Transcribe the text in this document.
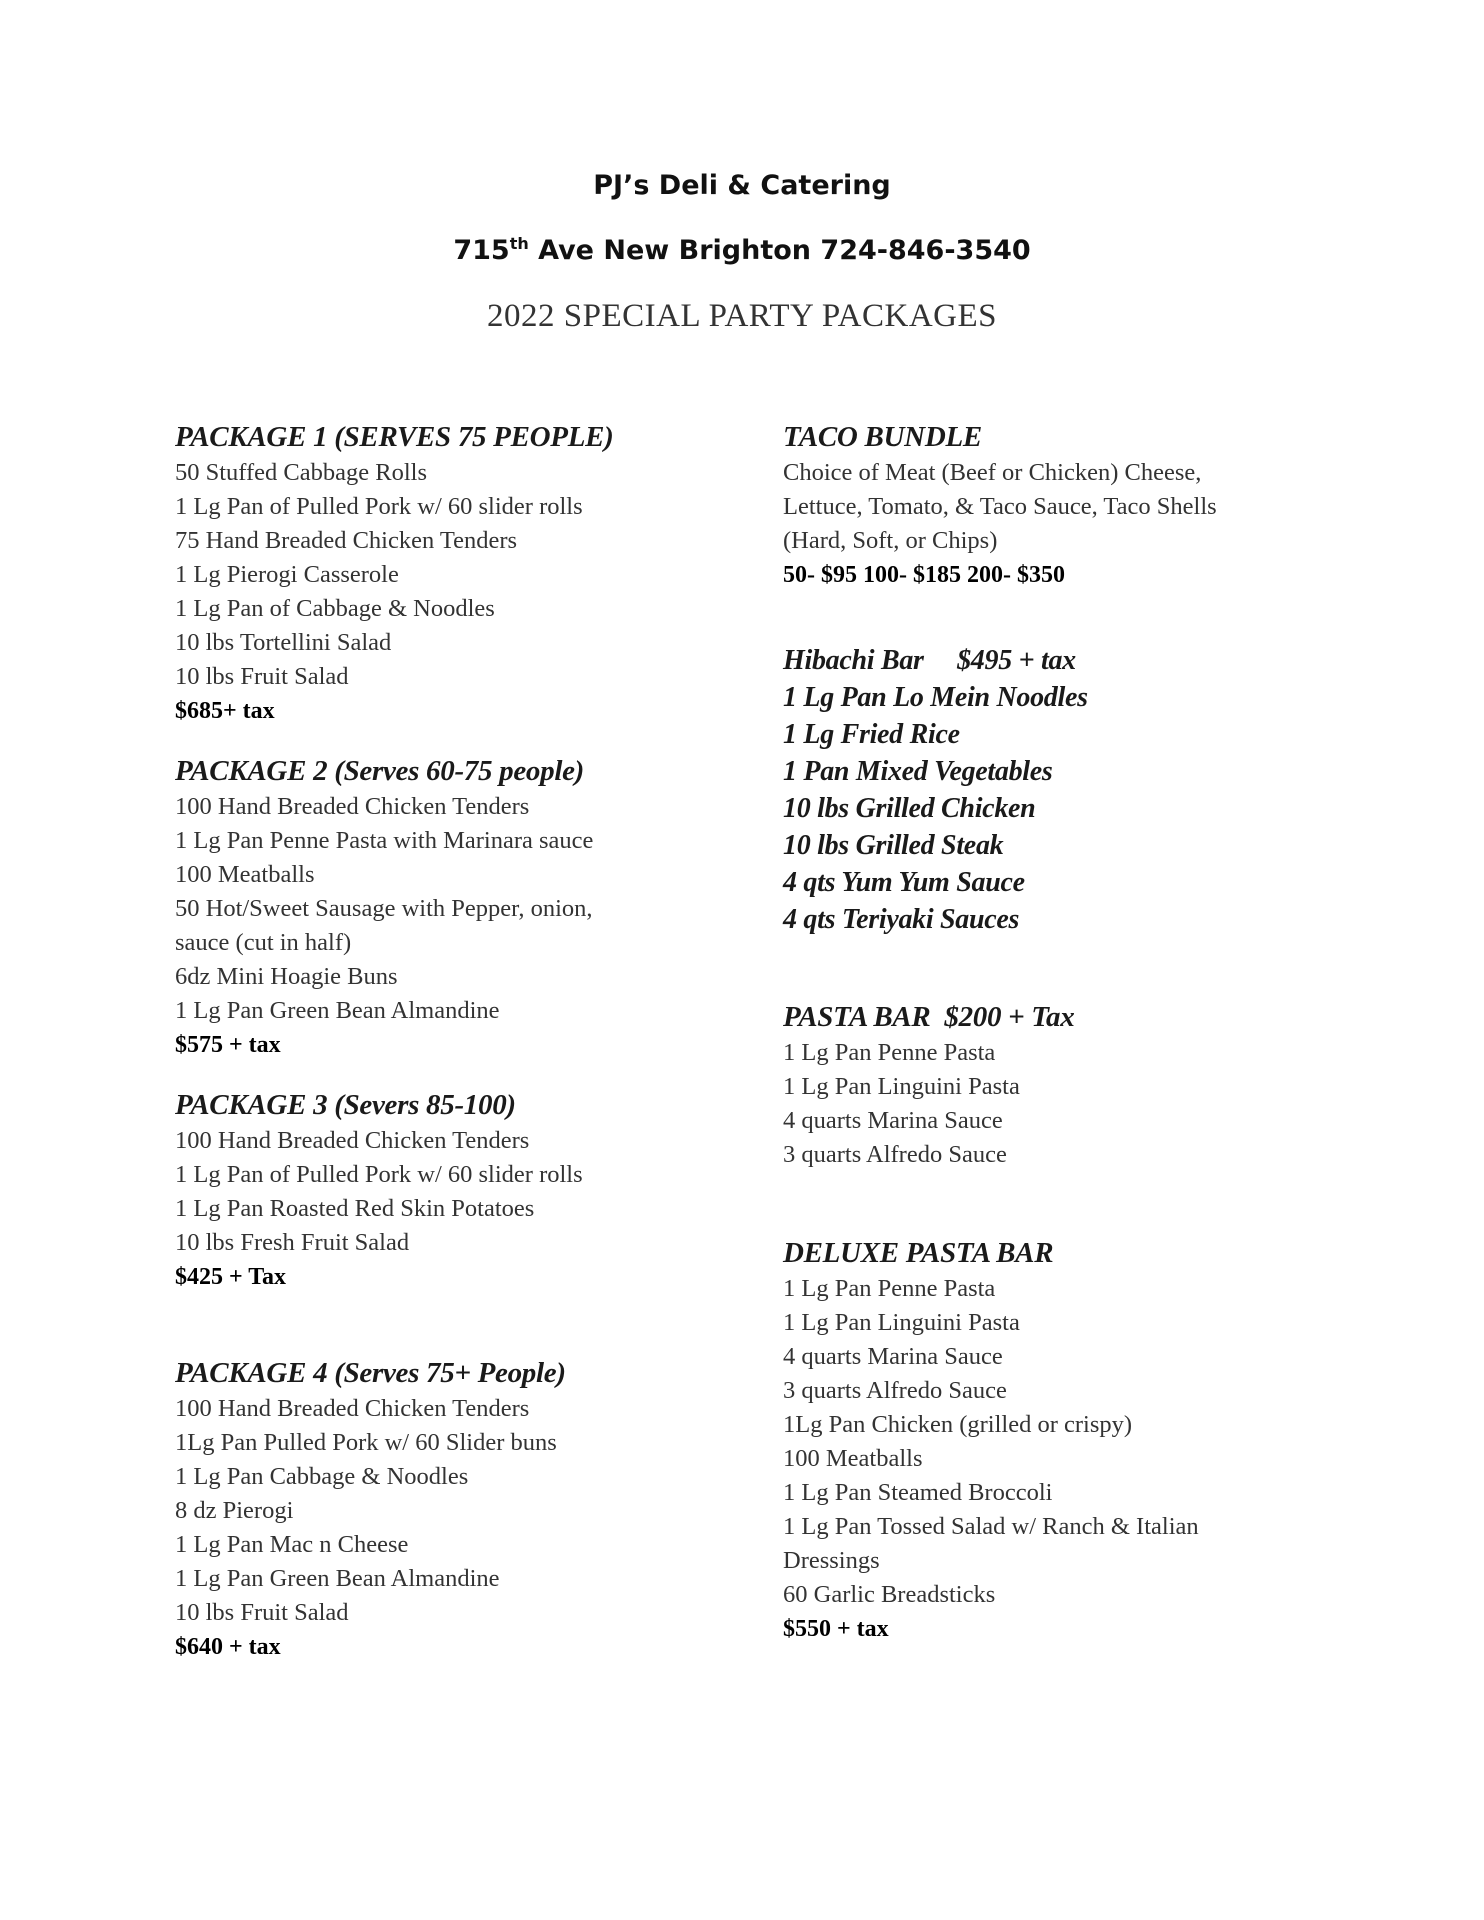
PJ’s Deli & Catering
715th Ave New Brighton 724-846-3540
2022 SPECIAL PARTY PACKAGES
PACKAGE 1 (SERVES 75 PEOPLE)
50 Stuffed Cabbage Rolls
1 Lg Pan of Pulled Pork w/ 60 slider rolls
75 Hand Breaded Chicken Tenders
1 Lg Pierogi Casserole
1 Lg Pan of Cabbage & Noodles
10 lbs Tortellini Salad
10 lbs Fruit Salad
$685+ tax
PACKAGE 2 (Serves 60-75 people)
100 Hand Breaded Chicken Tenders
1 Lg Pan Penne Pasta with Marinara sauce
100 Meatballs
50 Hot/Sweet Sausage with Pepper, onion,
sauce (cut in half)
6dz Mini Hoagie Buns
1 Lg Pan Green Bean Almandine
$575 + tax
PACKAGE 3 (Severs 85-100)
100 Hand Breaded Chicken Tenders
1 Lg Pan of Pulled Pork w/ 60 slider rolls
1 Lg Pan Roasted Red Skin Potatoes
10 lbs Fresh Fruit Salad
$425 + Tax
PACKAGE 4 (Serves 75+ People)
100 Hand Breaded Chicken Tenders
1Lg Pan Pulled Pork w/ 60 Slider buns
1 Lg Pan Cabbage & Noodles
8 dz Pierogi
1 Lg Pan Mac n Cheese
1 Lg Pan Green Bean Almandine
10 lbs Fruit Salad
$640 + tax
TACO BUNDLE
Choice of Meat (Beef or Chicken) Cheese,
Lettuce, Tomato, & Taco Sauce, Taco Shells
(Hard, Soft, or Chips)
50- $95 100- $185 200- $350
Hibachi Bar     $495 + tax
1 Lg Pan Lo Mein Noodles
1 Lg Fried Rice
1 Pan Mixed Vegetables
10 lbs Grilled Chicken
10 lbs Grilled Steak
4 qts Yum Yum Sauce
4 qts Teriyaki Sauces
PASTA BAR  $200 + Tax
1 Lg Pan Penne Pasta
1 Lg Pan Linguini Pasta
4 quarts Marina Sauce
3 quarts Alfredo Sauce
DELUXE PASTA BAR
1 Lg Pan Penne Pasta
1 Lg Pan Linguini Pasta
4 quarts Marina Sauce
3 quarts Alfredo Sauce
1Lg Pan Chicken (grilled or crispy)
100 Meatballs
1 Lg Pan Steamed Broccoli
1 Lg Pan Tossed Salad w/ Ranch & Italian
Dressings
60 Garlic Breadsticks
$550 + tax
